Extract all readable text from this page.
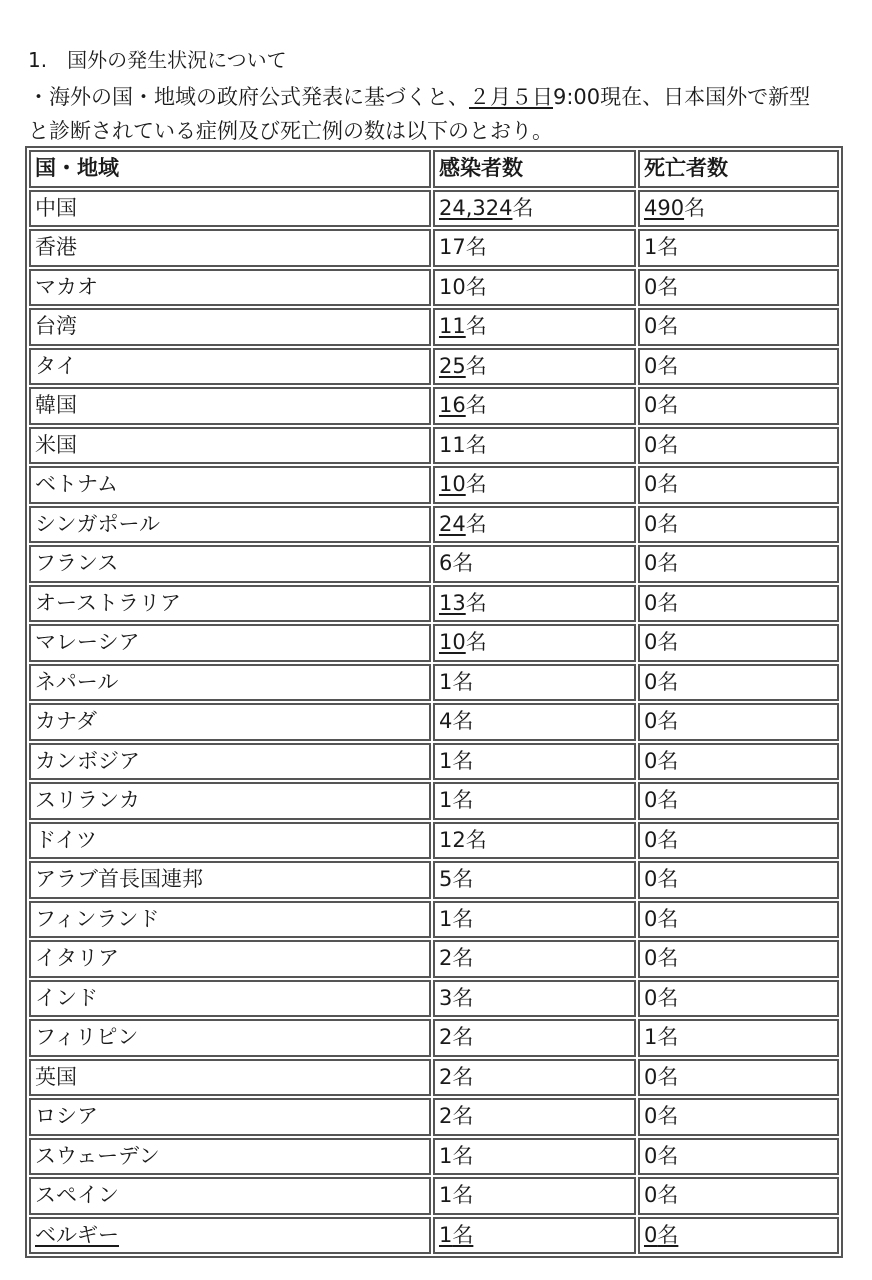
1.　国外の発生状況について
・海外の国・地域の政府公式発表に基づくと、２月５日9:00現在、日本国外で新型
と診断されている症例及び死亡例の数は以下のとおり。
国・地域	感染者数	死亡者数
中国	24,324名	490名
香港	17名	1名
マカオ	10名	0名
台湾	11名	0名
タイ	25名	0名
韓国	16名	0名
米国	11名	0名
ベトナム	10名	0名
シンガポール	24名	0名
フランス	6名	0名
オーストラリア	13名	0名
マレーシア	10名	0名
ネパール	1名	0名
カナダ	4名	0名
カンボジア	1名	0名
スリランカ	1名	0名
ドイツ	12名	0名
アラブ首長国連邦	5名	0名
フィンランド	1名	0名
イタリア	2名	0名
インド	3名	0名
フィリピン	2名	1名
英国	2名	0名
ロシア	2名	0名
スウェーデン	1名	0名
スペイン	1名	0名
ベルギー	1名	0名
